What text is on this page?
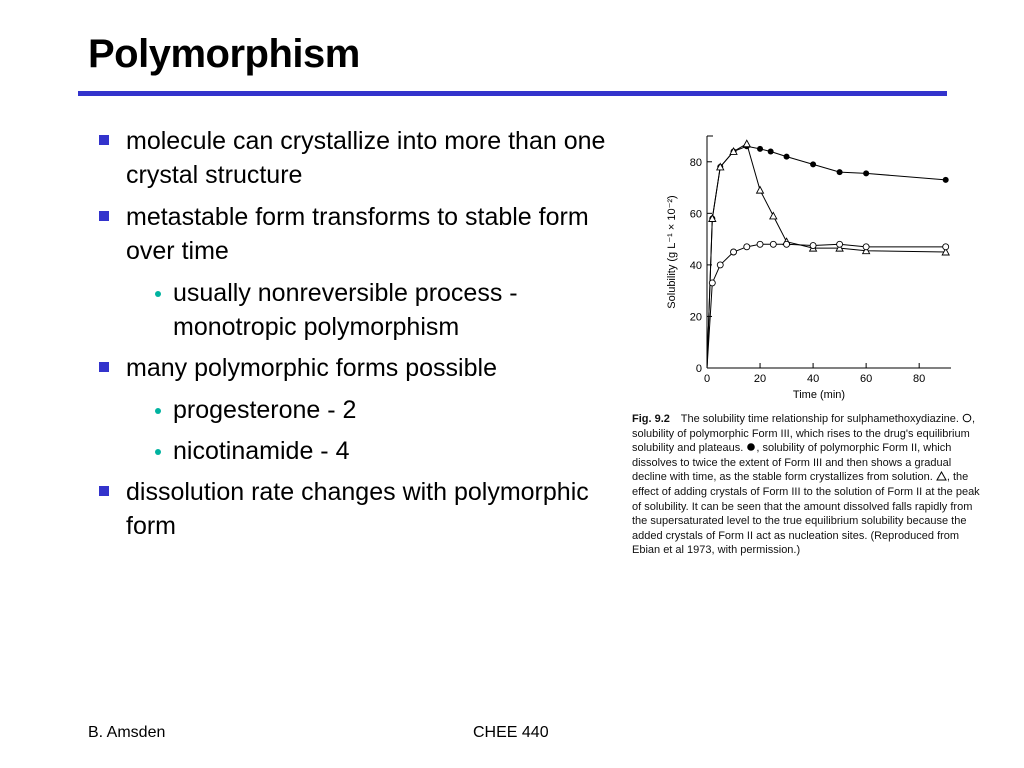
Polymorphism
molecule can crystallize into more than one crystal structure
metastable form transforms to stable form over time
usually nonreversible process - monotropic polymorphism
many polymorphic forms possible
progesterone - 2
nicotinamide - 4
dissolution rate changes with polymorphic form
0
20
40
60
80
0	20	40	60	80
Time (min)
Solubility (g L⁻¹ × 10⁻²)
Fig. 9.2 The solubility time relationship for sulphamethoxydiazine. , solubility of polymorphic Form III, which rises to the drug's equilibrium solubility and plateaus. , solubility of polymorphic Form II, which dissolves to twice the extent of Form III and then shows a gradual decline with time, as the stable form crystallizes from solution. , the effect of adding crystals of Form III to the solution of Form II at the peak of solubility. It can be seen that the amount dissolved falls rapidly from the supersaturated level to the true equilibrium solubility because the added crystals of Form II act as nucleation sites. (Reproduced from Ebian et al 1973, with permission.)
B. Amsden	CHEE 440
